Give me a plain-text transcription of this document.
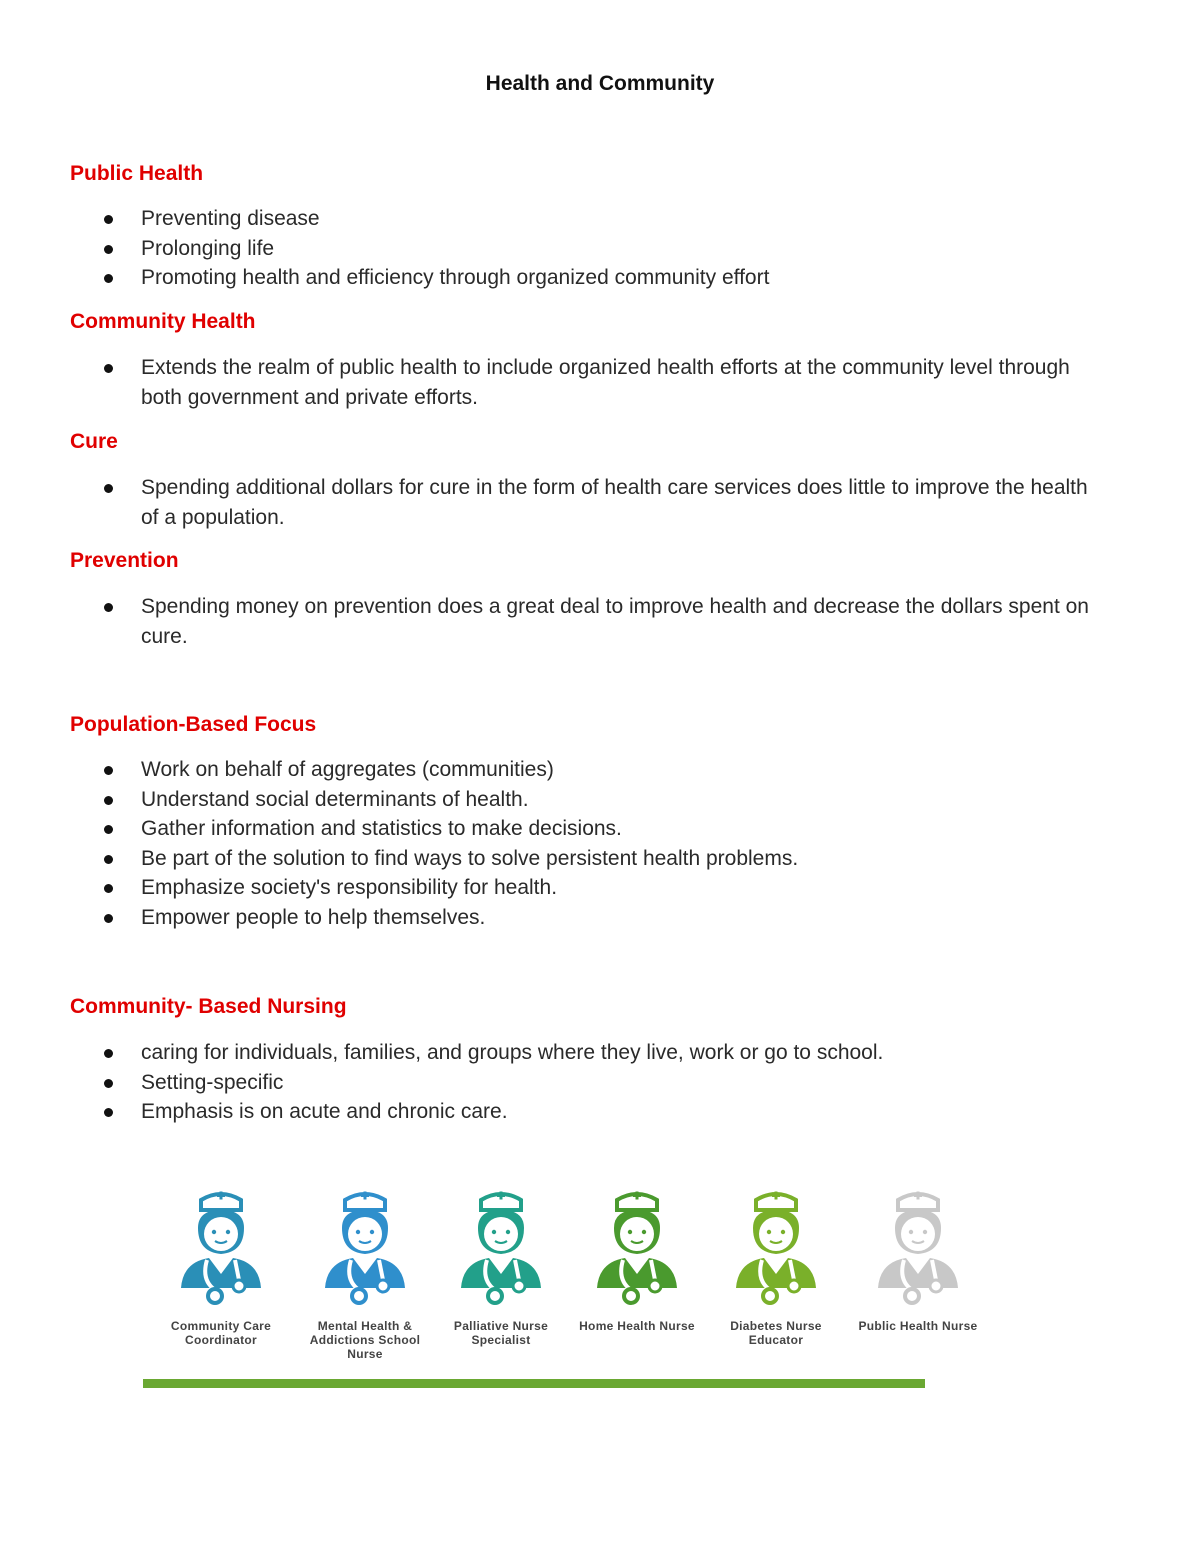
Health and Community
Public Health
Preventing disease
Prolonging life
Promoting health and efficiency through organized community effort
Community Health
Extends the realm of public health to include organized health efforts at the community level through both government and private efforts.
Cure
Spending additional dollars for cure in the form of health care services does little to improve the health of a population.
Prevention
Spending money on prevention does a great deal to improve health and decrease the dollars spent on cure.
Population-Based Focus
Work on behalf of aggregates (communities)
Understand social determinants of health.
Gather information and statistics to make decisions.
Be part of the solution to find ways to solve persistent health problems.
Emphasize society's responsibility for health.
Empower people to help themselves.
Community- Based Nursing
caring for individuals, families, and groups where they live, work or go to school.
Setting-specific
Emphasis is on acute and chronic care.
Community Care Coordinator
Mental Health & Addictions School Nurse
Palliative Nurse Specialist
Home Health Nurse	Diabetes Nurse Educator
Public Health Nurse
